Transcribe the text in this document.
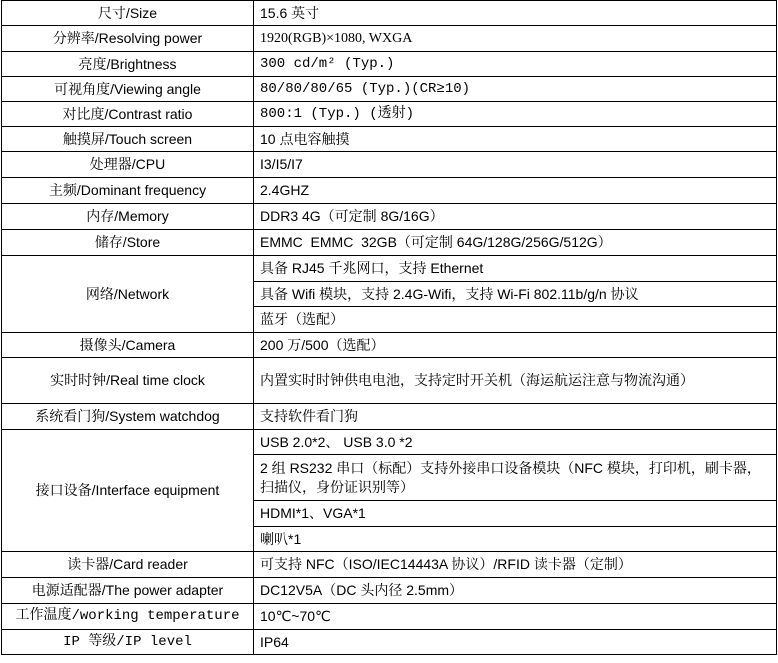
尺寸/Size	15.6 英寸
分辨率/Resolving power	1920(RGB)×1080, WXGA
亮度/Brightness	300 cd/m² (Typ.)
可视角度/Viewing angle	80/80/80/65 (Typ.)(CR≥10)
对比度/Contrast ratio	800:1 (Typ.) (透射)
触摸屏/Touch screen	10 点电容触摸
处理器/CPU	I3/I5/I7
主频/Dominant frequency	2.4GHZ
内存/Memory	DDR3 4G（可定制 8G/16G）
储存/Store	EMMC  EMMC  32GB（可定制 64G/128G/256G/512G）
网络/Network	具备 RJ45 千兆网口，支持 Ethernet
	具备 Wifi 模块，支持 2.4G-Wifi，支持 Wi-Fi 802.11b/g/n 协议
	蓝牙（选配）
摄像头/Camera	200 万/500（选配）
实时时钟/Real time clock	内置实时时钟供电电池，支持定时开关机（海运航运注意与物流沟通）
系统看门狗/System watchdog	支持软件看门狗
接口设备/Interface equipment	USB 2.0*2、 USB 3.0 *2
	2 组 RS232 串口（标配）支持外接串口设备模块（NFC 模块，打印机，刷卡器，扫描仪，身份证识别等）
	HDMI*1、VGA*1
	喇叭*1
读卡器/Card reader	可支持 NFC（ISO/IEC14443A 协议）/RFID 读卡器（定制）
电源适配器/The power adapter	DC12V5A（DC 头内径 2.5mm）
工作温度/working temperature	10℃~70℃
IP 等级/IP level	IP64
